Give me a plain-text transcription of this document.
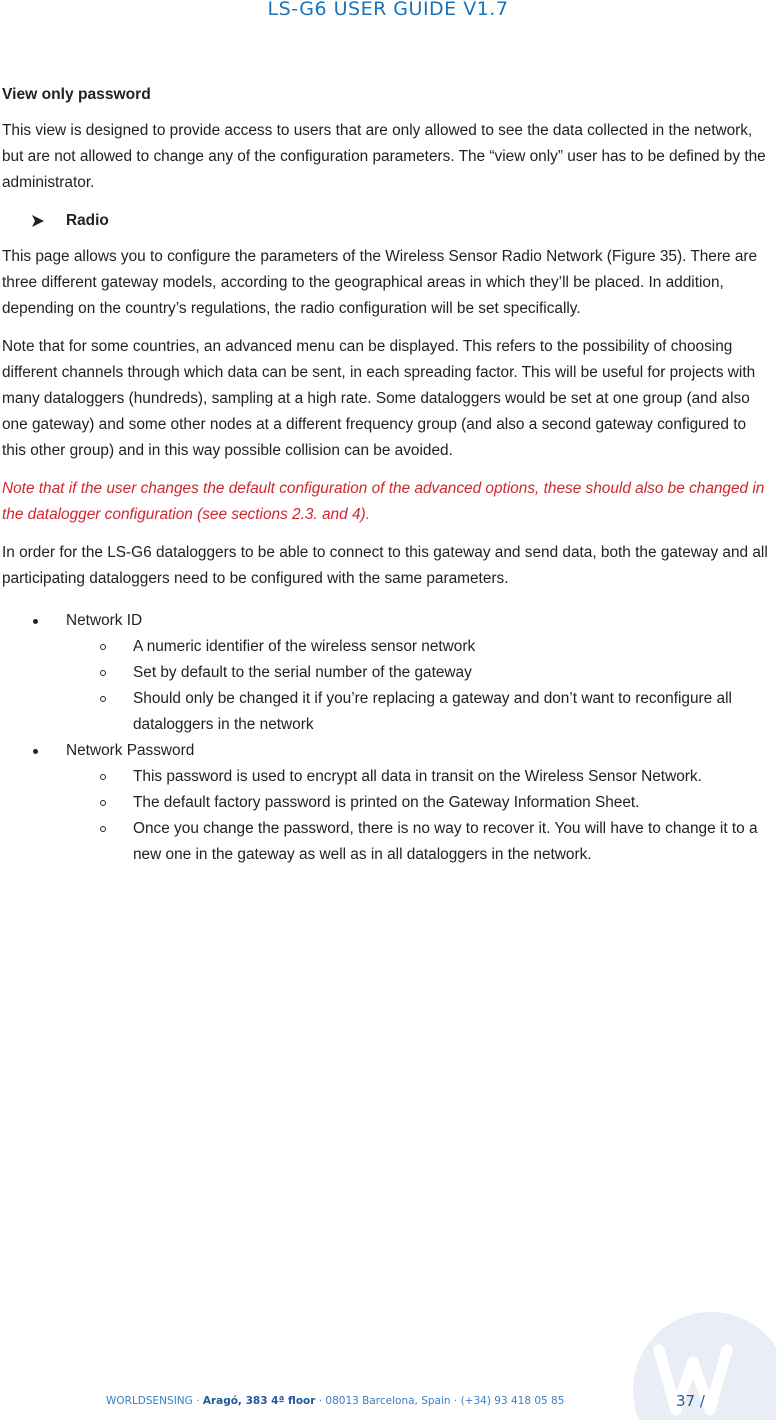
LS-G6 USER GUIDE V1.7
View only password

This view is designed to provide access to users that are only allowed to see the data collected in the network, but are not allowed to change any of the configuration parameters. The “view only” user has to be defined by the administrator.

Radio

This page allows you to configure the parameters of the Wireless Sensor Radio Network (Figure 35). There are three different gateway models, according to the geographical areas in which they’ll be placed. In addition, depending on the country’s regulations, the radio configuration will be set specifically.

Note that for some countries, an advanced menu can be displayed. This refers to the possibility of choosing different channels through which data can be sent, in each spreading factor. This will be useful for projects with many dataloggers (hundreds), sampling at a high rate. Some dataloggers would be set at one group (and also one gateway) and some other nodes at a different frequency group (and also a second gateway configured to this other group) and in this way possible collision can be avoided.

Note that if the user changes the default configuration of the advanced options, these should also be changed in the datalogger configuration (see sections 2.3. and 4).

In order for the LS-G6 dataloggers to be able to connect to this gateway and send data, both the gateway and all participating dataloggers need to be configured with the same parameters.

Network ID
A numeric identifier of the wireless sensor network
Set by default to the serial number of the gateway
Should only be changed it if you’re replacing a gateway and don’t want to reconfigure all dataloggers in the network
Network Password
This password is used to encrypt all data in transit on the Wireless Sensor Network.
The default factory password is printed on the Gateway Information Sheet.
Once you change the password, there is no way to recover it. You will have to change it to a new one in the gateway as well as in all dataloggers in the network.
WORLDSENSING · Aragó, 383 4ª floor · 08013 Barcelona, Spain · (+34) 93 418 05 85	37 /
